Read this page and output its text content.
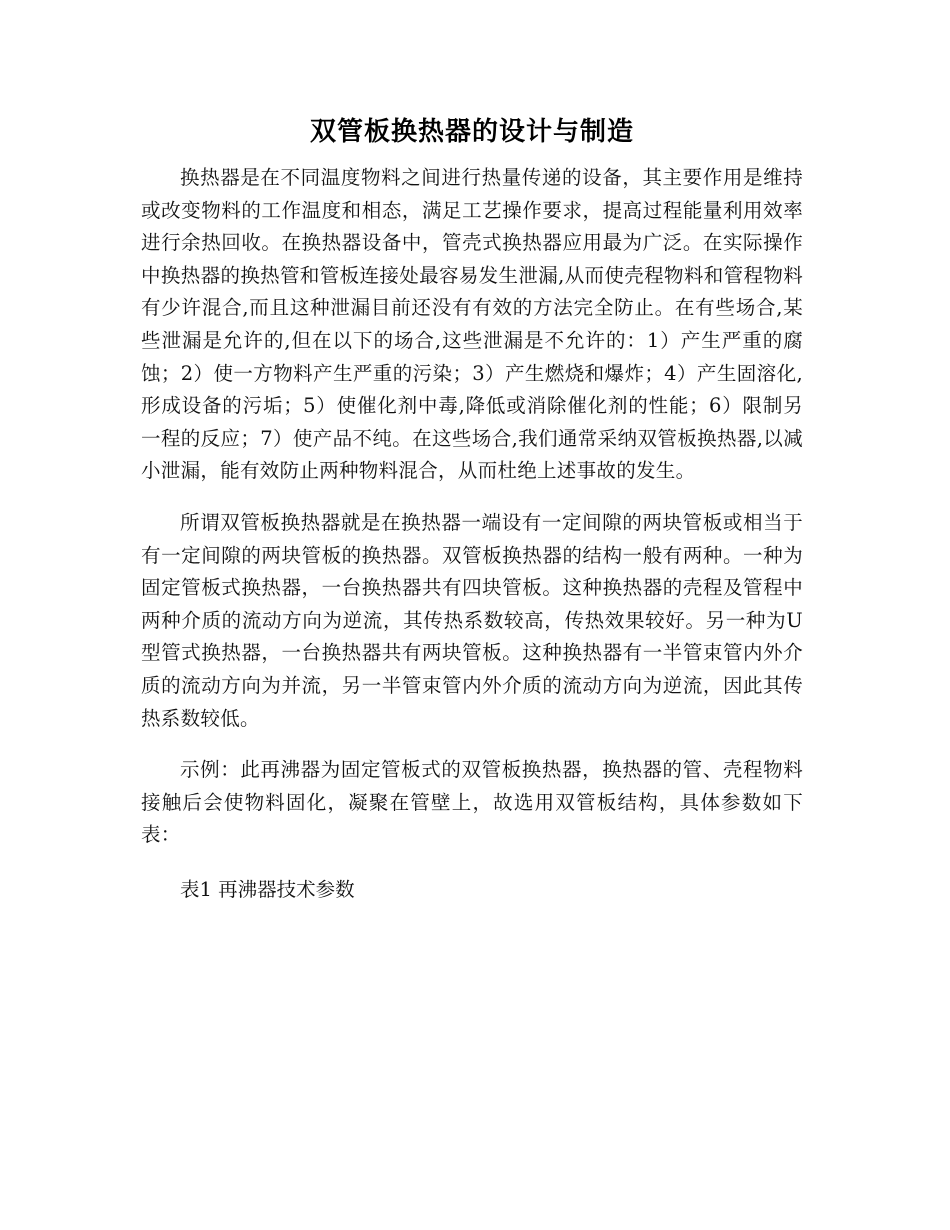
双管板换热器的设计与制造

换热器是在不同温度物料之间进行热量传递的设备，其主要作用是维持或改变物料的工作温度和相态，满足工艺操作要求，提高过程能量利用效率进行余热回收。在换热器设备中，管壳式换热器应用最为广泛。在实际操作中换热器的换热管和管板连接处最容易发生泄漏,从而使壳程物料和管程物料有少许混合,而且这种泄漏目前还没有有效的方法完全防止。在有些场合,某些泄漏是允许的,但在以下的场合,这些泄漏是不允许的：1）产生严重的腐蚀；2）使一方物料产生严重的污染；3）产生燃烧和爆炸；4）产生固溶化,形成设备的污垢；5）使催化剂中毒,降低或消除催化剂的性能；6）限制另一程的反应；7）使产品不纯。在这些场合,我们通常采纳双管板换热器,以减小泄漏，能有效防止两种物料混合，从而杜绝上述事故的发生。

所谓双管板换热器就是在换热器一端设有一定间隙的两块管板或相当于有一定间隙的两块管板的换热器。双管板换热器的结构一般有两种。一种为固定管板式换热器，一台换热器共有四块管板。这种换热器的壳程及管程中两种介质的流动方向为逆流，其传热系数较高，传热效果较好。另一种为U型管式换热器，一台换热器共有两块管板。这种换热器有一半管束管内外介质的流动方向为并流，另一半管束管内外介质的流动方向为逆流，因此其传热系数较低。

示例：此再沸器为固定管板式的双管板换热器，换热器的管、壳程物料接触后会使物料固化，凝聚在管壁上，故选用双管板结构，具体参数如下表：

表1 再沸器技术参数
